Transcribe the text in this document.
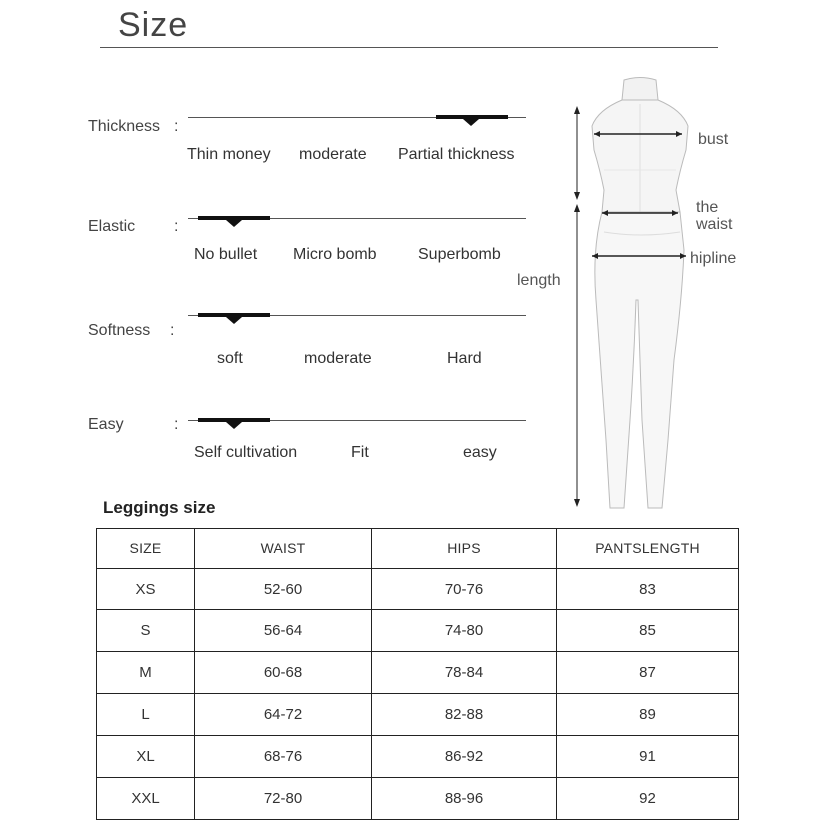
Size
Thickness :
Thin money moderate Partial thickness
Elastic :
No bullet Micro bomb	Superbomb
Softness :
soft	moderate	Hard
Easy	:
Self cultivation	Fit	easy
bust
the
waist
hipline
length
Leggings size
SIZE	WAIST	HIPS	PANTSLENGTH
XS	52-60	70-76	83
S	56-64	74-80	85
M	60-68	78-84	87
L	64-72	82-88	89
XL	68-76	86-92	91
XXL	72-80	88-96	92
